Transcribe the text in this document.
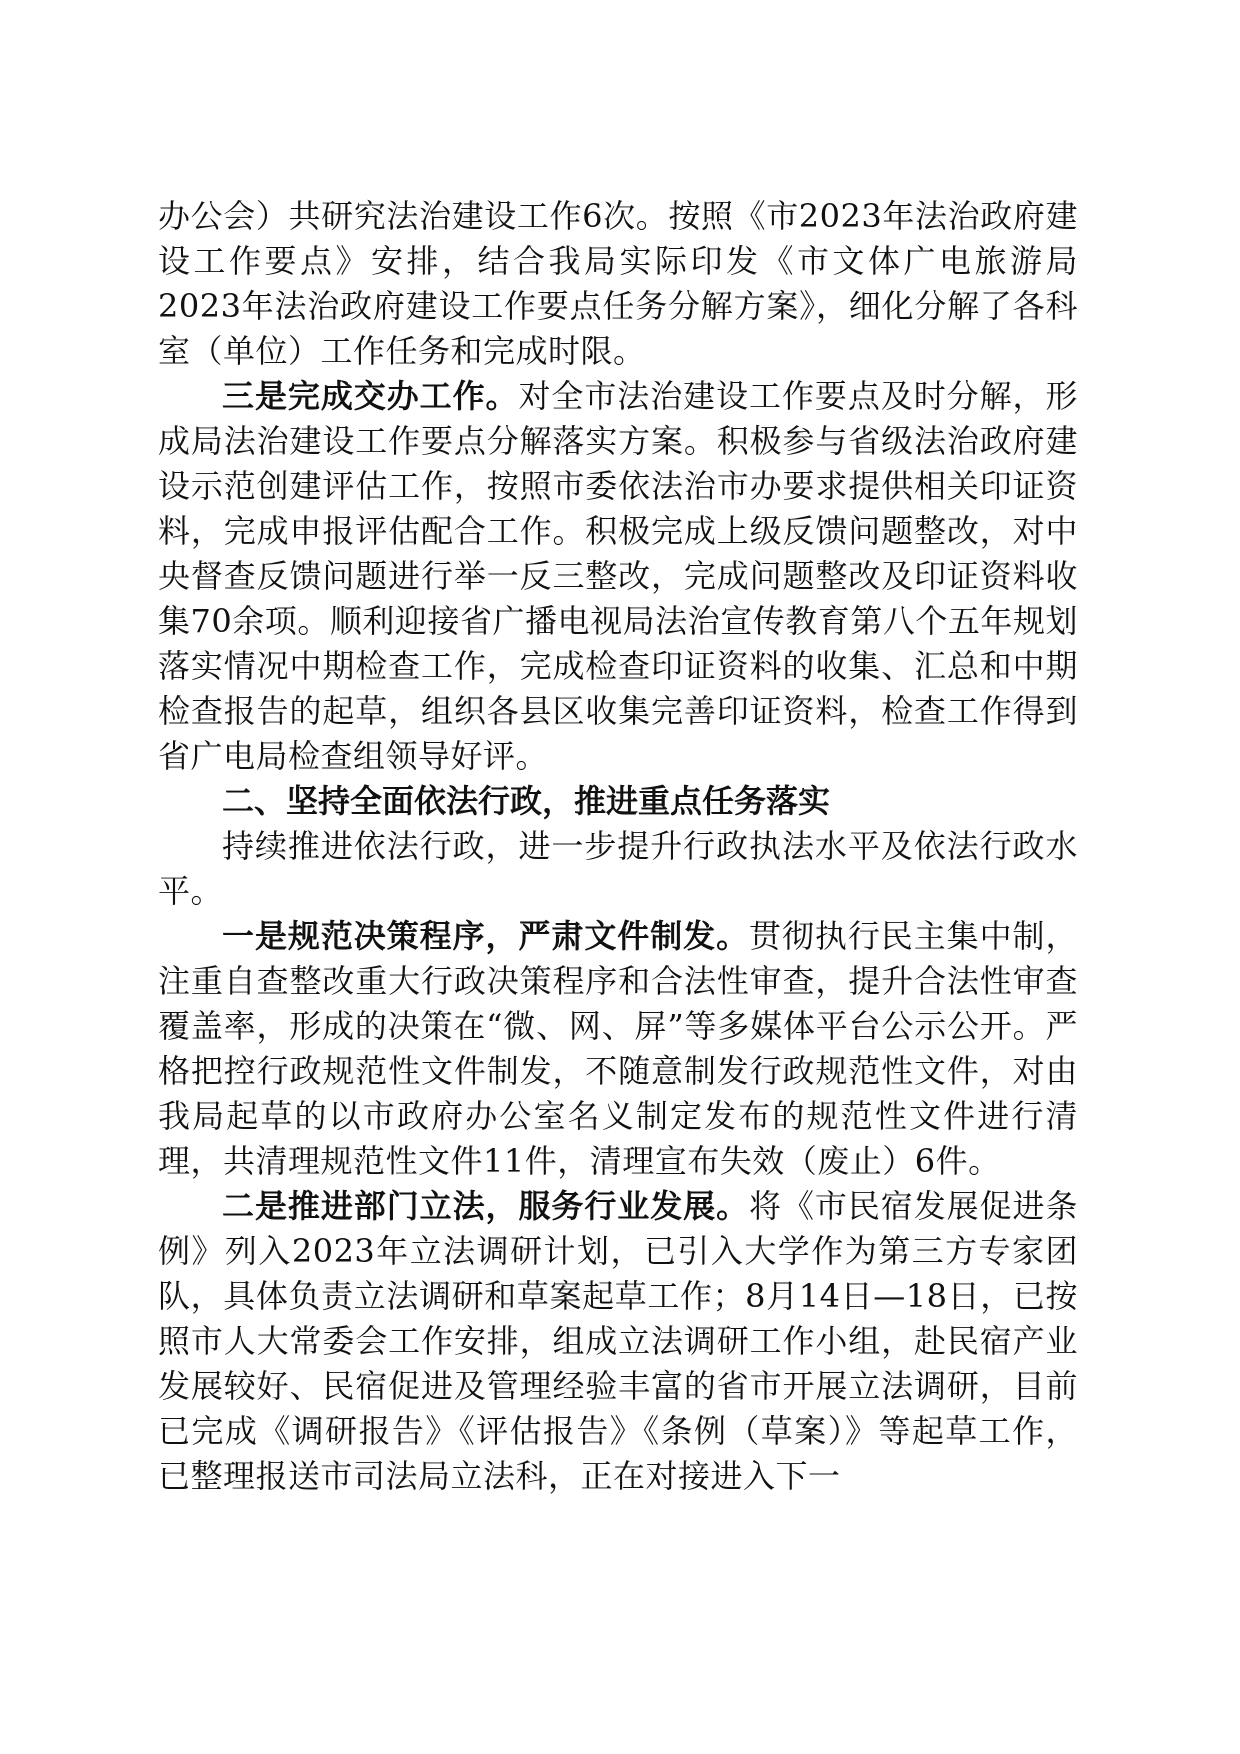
办公会）共研究法治建设工作6次。按照《市2023年法治政府建设工作要点》安排，结合我局实际印发《市文体广电旅游局2023年法治政府建设工作要点任务分解方案》，细化分解了各科室（单位）工作任务和完成时限。

三是完成交办工作。对全市法治建设工作要点及时分解，形成局法治建设工作要点分解落实方案。积极参与省级法治政府建设示范创建评估工作，按照市委依法治市办要求提供相关印证资料，完成申报评估配合工作。积极完成上级反馈问题整改，对中央督查反馈问题进行举一反三整改，完成问题整改及印证资料收集70余项。顺利迎接省广播电视局法治宣传教育第八个五年规划落实情况中期检查工作，完成检查印证资料的收集、汇总和中期检查报告的起草，组织各县区收集完善印证资料，检查工作得到省广电局检查组领导好评。

二、坚持全面依法行政，推进重点任务落实

持续推进依法行政，进一步提升行政执法水平及依法行政水平。

一是规范决策程序，严肃文件制发。贯彻执行民主集中制，注重自查整改重大行政决策程序和合法性审查，提升合法性审查覆盖率，形成的决策在“微、网、屏”等多媒体平台公示公开。严格把控行政规范性文件制发，不随意制发行政规范性文件，对由我局起草的以市政府办公室名义制定发布的规范性文件进行清理，共清理规范性文件11件，清理宣布失效（废止）6件。

二是推进部门立法，服务行业发展。将《市民宿发展促进条例》列入2023年立法调研计划，已引入大学作为第三方专家团队，具体负责立法调研和草案起草工作；8月14日—18日，已按照市人大常委会工作安排，组成立法调研工作小组，赴民宿产业发展较好、民宿促进及管理经验丰富的省市开展立法调研，目前已完成《调研报告》《评估报告》《条例（草案）》等起草工作，已整理报送市司法局立法科，正在对接进入下一
